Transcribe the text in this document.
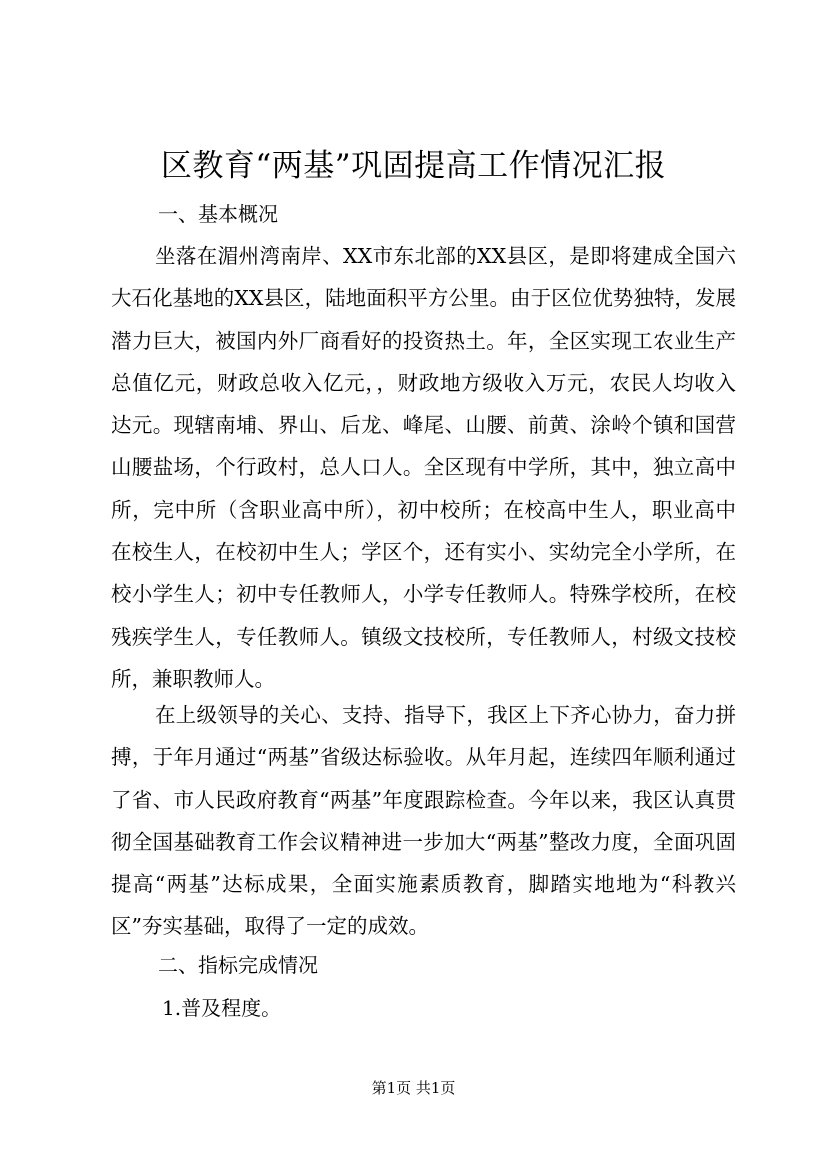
区教育“两基”巩固提高工作情况汇报

一、基本概况

坐落在湄州湾南岸、XX市东北部的XX县区，是即将建成全国六大石化基地的XX县区，陆地面积平方公里。由于区位优势独特，发展潜力巨大，被国内外厂商看好的投资热土。年，全区实现工农业生产总值亿元，财政总收入亿元，，财政地方级收入万元，农民人均收入达元。现辖南埔、界山、后龙、峰尾、山腰、前黄、涂岭个镇和国营山腰盐场，个行政村，总人口人。全区现有中学所，其中，独立高中所，完中所（含职业高中所），初中校所；在校高中生人，职业高中在校生人，在校初中生人；学区个，还有实小、实幼完全小学所，在校小学生人；初中专任教师人，小学专任教师人。特殊学校所，在校残疾学生人，专任教师人。镇级文技校所，专任教师人，村级文技校所，兼职教师人。

在上级领导的关心、支持、指导下，我区上下齐心协力，奋力拼搏，于年月通过“两基”省级达标验收。从年月起，连续四年顺利通过了省、市人民政府教育“两基”年度跟踪检查。今年以来，我区认真贯彻全国基础教育工作会议精神进一步加大“两基”整改力度，全面巩固提高“两基”达标成果，全面实施素质教育，脚踏实地地为“科教兴区”夯实基础，取得了一定的成效。

二、指标完成情况

1.普及程度。

第1页 共1页
